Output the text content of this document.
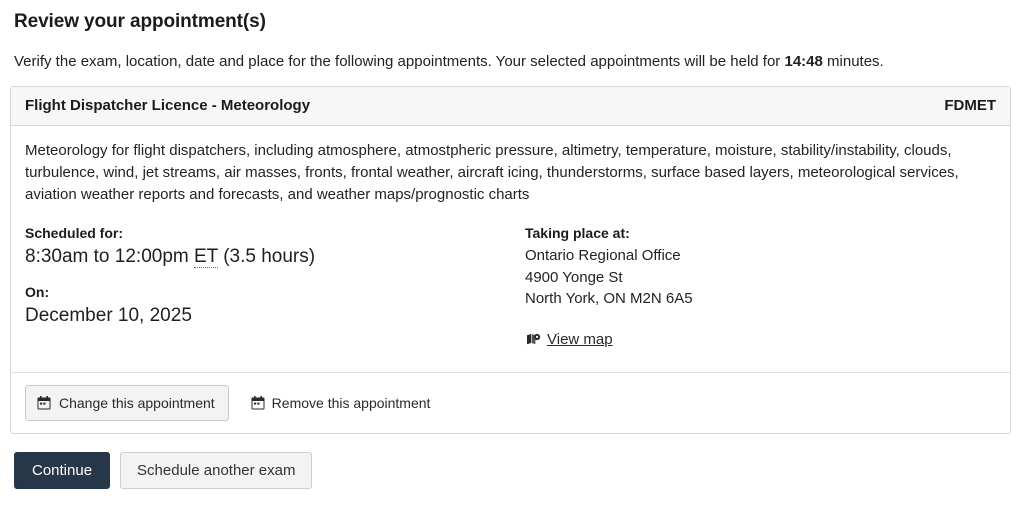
Review your appointment(s)
Verify the exam, location, date and place for the following appointments. Your selected appointments will be held for 14:48 minutes.
Flight Dispatcher Licence - Meteorology	FDMET

Meteorology for flight dispatchers, including atmosphere, atmostpheric pressure, altimetry, temperature, moisture, stability/instability, clouds, turbulence, wind, jet streams, air masses, fronts, frontal weather, aircraft icing, thunderstorms, surface based layers, meteorological services, aviation weather reports and forecasts, and weather maps/prognostic charts

Scheduled for:
8:30am to 12:00pm ET (3.5 hours)
On:
December 10, 2025
Taking place at:
Ontario Regional Office
4900 Yonge St
North York, ON M2N 6A5
View map
Change this appointment	Remove this appointment
Continue	Schedule another exam
